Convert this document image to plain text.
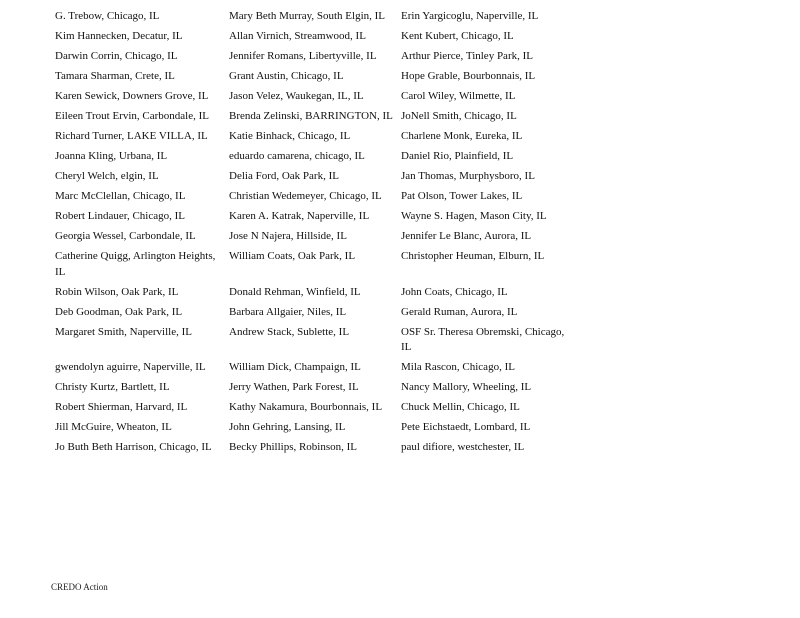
G. Trebow, Chicago, IL	Mary Beth Murray, South Elgin, IL	Erin Yargicoglu, Naperville, IL
Kim Hannecken, Decatur, IL	Allan Virnich, Streamwood, IL	Kent Kubert, Chicago, IL
Darwin Corrin, Chicago, IL	Jennifer Romans, Libertyville, IL	Arthur Pierce, Tinley Park, IL
Tamara Sharman, Crete, IL	Grant Austin, Chicago, IL	Hope Grable, Bourbonnais, IL
Karen Sewick, Downers Grove, IL	Jason Velez, Waukegan, IL, IL	Carol Wiley, Wilmette, IL
Eileen Trout Ervin, Carbondale, IL	Brenda Zelinski, BARRINGTON, IL	JoNell Smith, Chicago, IL
Richard Turner, LAKE VILLA, IL	Katie Binhack, Chicago, IL	Charlene Monk, Eureka, IL
Joanna Kling, Urbana, IL	eduardo camarena, chicago, IL	Daniel Rio, Plainfield, IL
Cheryl Welch, elgin, IL	Delia Ford, Oak Park, IL	Jan Thomas, Murphysboro, IL
Marc McClellan, Chicago, IL	Christian Wedemeyer, Chicago, IL	Pat Olson, Tower Lakes, IL
Robert Lindauer, Chicago, IL	Karen A. Katrak, Naperville, IL	Wayne S. Hagen, Mason City, IL
Georgia Wessel, Carbondale, IL	Jose N Najera, Hillside, IL	Jennifer Le Blanc, Aurora, IL
Catherine Quigg, Arlington Heights, IL	William Coats, Oak Park, IL	Christopher Heuman, Elburn, IL
Robin Wilson, Oak Park, IL	Donald Rehman, Winfield, IL	John Coats, Chicago, IL
Deb Goodman, Oak Park, IL	Barbara Allgaier, Niles, IL	Gerald Ruman, Aurora, IL
Margaret Smith, Naperville, IL	Andrew Stack, Sublette, IL	OSF Sr. Theresa Obremski, Chicago, IL
gwendolyn aguirre, Naperville, IL	William Dick, Champaign, IL	Mila Rascon, Chicago, IL
Christy Kurtz, Bartlett, IL	Jerry Wathen, Park Forest, IL	Nancy Mallory, Wheeling, IL
Robert Shierman, Harvard, IL	Kathy Nakamura, Bourbonnais, IL	Chuck Mellin, Chicago, IL
Jill McGuire, Wheaton, IL	John Gehring, Lansing, IL	Pete Eichstaedt, Lombard, IL
Jo Buth Beth Harrison, Chicago, IL	Becky Phillips, Robinson, IL	paul difiore, westchester, IL
CREDO Action
